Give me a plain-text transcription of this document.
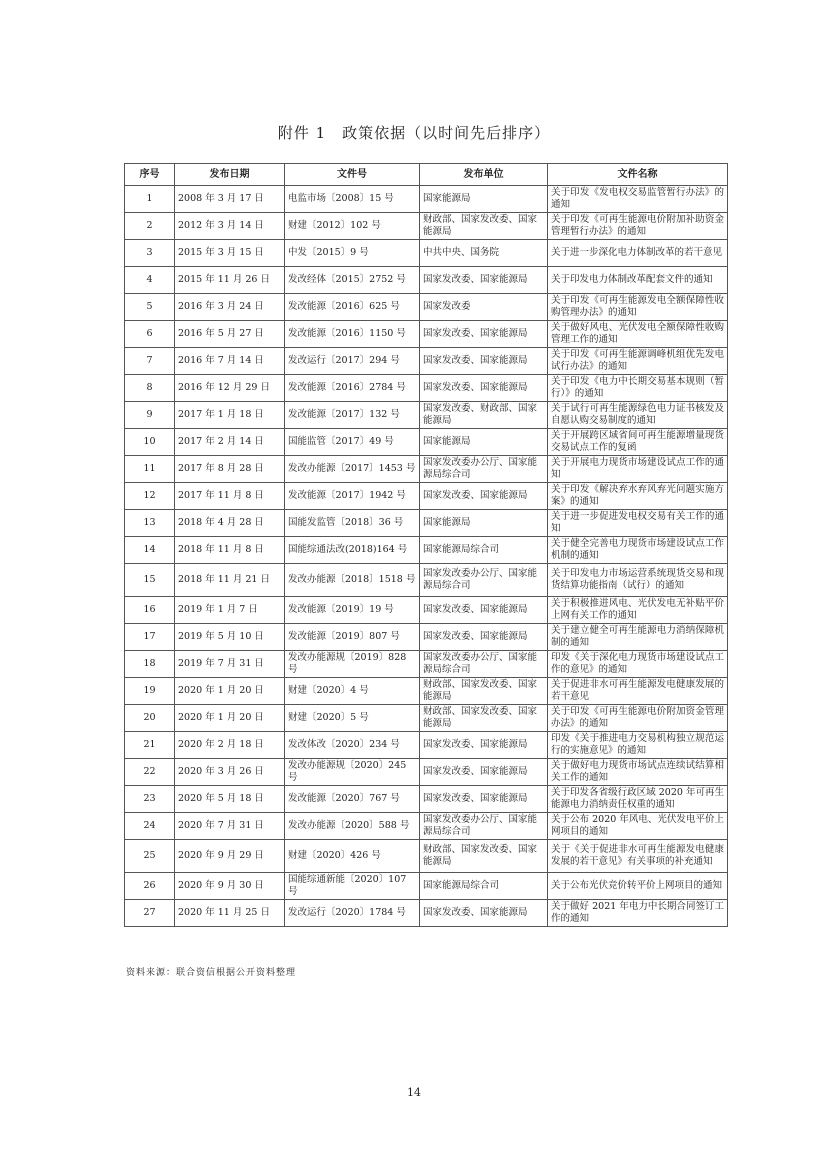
附件 1　政策依据（以时间先后排序）
序号	发布日期	文件号	发布单位	文件名称
1	2008 年 3 月 17 日	电监市场〔2008〕15 号	国家能源局	关于印发《发电权交易监管暂行办法》的通知
2	2012 年 3 月 14 日	财建〔2012〕102 号	财政部、国家发改委、国家能源局	关于印发《可再生能源电价附加补助资金管理暂行办法》的通知
3	2015 年 3 月 15 日	中发〔2015〕9 号	中共中央、国务院	关于进一步深化电力体制改革的若干意见
4	2015 年 11 月 26 日	发改经体〔2015〕2752 号	国家发改委、国家能源局	关于印发电力体制改革配套文件的通知
5	2016 年 3 月 24 日	发改能源〔2016〕625 号	国家发改委	关于印发《可再生能源发电全额保障性收购管理办法》的通知
6	2016 年 5 月 27 日	发改能源〔2016〕1150 号	国家发改委、国家能源局	关于做好风电、光伏发电全额保障性收购管理工作的通知
7	2016 年 7 月 14 日	发改运行〔2017〕294 号	国家发改委、国家能源局	关于印发《可再生能源调峰机组优先发电试行办法》的通知
8	2016 年 12 月 29 日	发改能源〔2016〕2784 号	国家发改委、国家能源局	关于印发《电力中长期交易基本规则（暂行）》的通知
9	2017 年 1 月 18 日	发改能源〔2017〕132 号	国家发改委、财政部、国家能源局	关于试行可再生能源绿色电力证书核发及自愿认购交易制度的通知
10	2017 年 2 月 14 日	国能监管〔2017〕49 号	国家能源局	关于开展跨区域省间可再生能源增量现货交易试点工作的复函
11	2017 年 8 月 28 日	发改办能源〔2017〕1453 号	国家发改委办公厅、国家能源局综合司	关于开展电力现货市场建设试点工作的通知
12	2017 年 11 月 8 日	发改能源〔2017〕1942 号	国家发改委、国家能源局	关于印发《解决弃水弃风弃光问题实施方案》的通知
13	2018 年 4 月 28 日	国能发监管〔2018〕36 号	国家能源局	关于进一步促进发电权交易有关工作的通知
14	2018 年 11 月 8 日	国能综通法改(2018)164 号	国家能源局综合司	关于健全完善电力现货市场建设试点工作机制的通知
15	2018 年 11 月 21 日	发改办能源〔2018〕1518 号	国家发改委办公厅、国家能源局综合司	关于印发电力市场运营系统现货交易和现货结算功能指南（试行）的通知
16	2019 年 1 月 7 日	发改能源〔2019〕19 号	国家发改委、国家能源局	关于积极推进风电、光伏发电无补贴平价上网有关工作的通知
17	2019 年 5 月 10 日	发改能源〔2019〕807 号	国家发改委、国家能源局	关于建立健全可再生能源电力消纳保障机制的通知
18	2019 年 7 月 31 日	发改办能源规〔2019〕828 号	国家发改委办公厅、国家能源局综合司	印发《关于深化电力现货市场建设试点工作的意见》的通知
19	2020 年 1 月 20 日	财建〔2020〕4 号	财政部、国家发改委、国家能源局	关于促进非水可再生能源发电健康发展的若干意见
20	2020 年 1 月 20 日	财建〔2020〕5 号	财政部、国家发改委、国家能源局	关于印发《可再生能源电价附加资金管理办法》的通知
21	2020 年 2 月 18 日	发改体改〔2020〕234 号	国家发改委、国家能源局	印发《关于推进电力交易机构独立规范运行的实施意见》的通知
22	2020 年 3 月 26 日	发改办能源规〔2020〕245 号	国家发改委、国家能源局	关于做好电力现货市场试点连续试结算相关工作的通知
23	2020 年 5 月 18 日	发改能源〔2020〕767 号	国家发改委、国家能源局	关于印发各省级行政区域 2020 年可再生能源电力消纳责任权重的通知
24	2020 年 7 月 31 日	发改办能源〔2020〕588 号	国家发改委办公厅、国家能源局综合司	关于公布 2020 年风电、光伏发电平价上网项目的通知
25	2020 年 9 月 29 日	财建〔2020〕426 号	财政部、国家发改委、国家能源局	关于《关于促进非水可再生能源发电健康发展的若干意见》有关事项的补充通知
26	2020 年 9 月 30 日	国能综通新能〔2020〕107 号	国家能源局综合司	关于公布光伏竞价转平价上网项目的通知
27	2020 年 11 月 25 日	发改运行〔2020〕1784 号	国家发改委、国家能源局	关于做好 2021 年电力中长期合同签订工作的通知
资料来源：联合资信根据公开资料整理
14
